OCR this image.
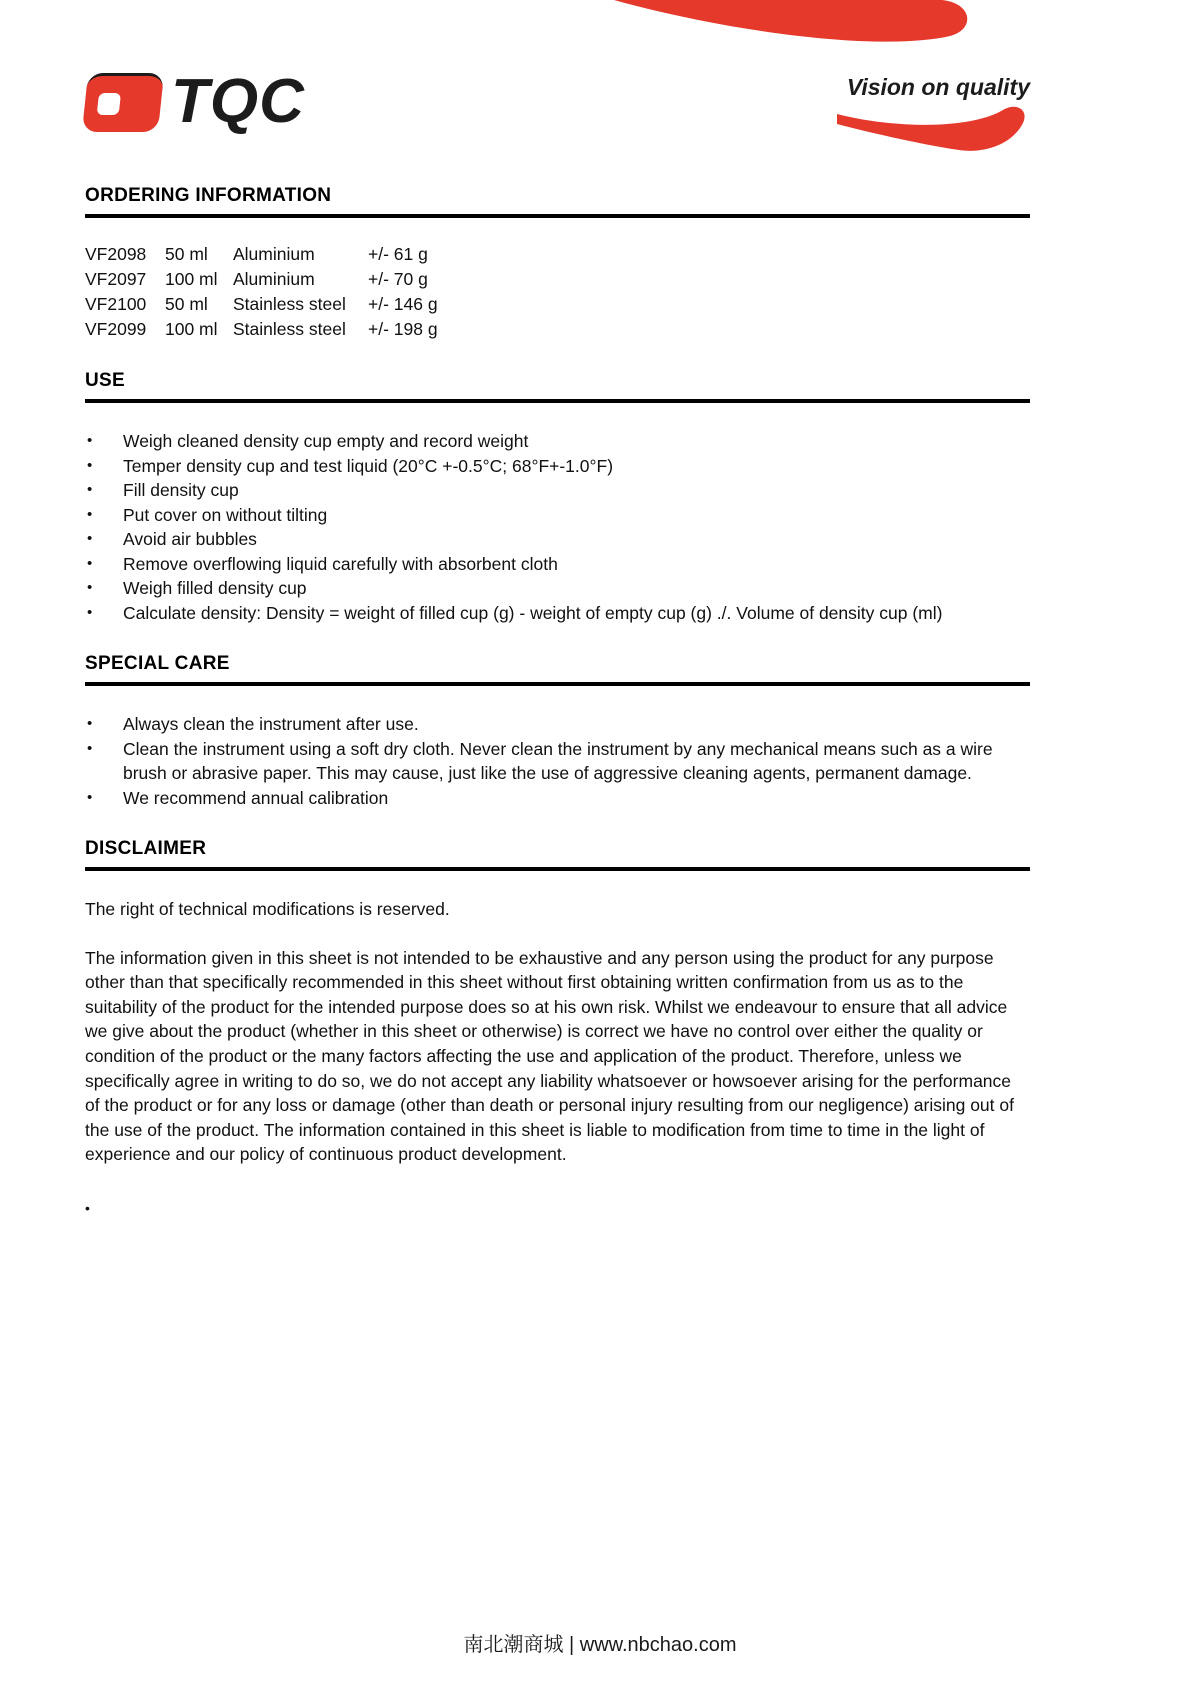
TQC	Vision on quality
ORDERING INFORMATION
VF2098	50 ml	Aluminium	+/- 61 g
VF2097	100 ml Aluminium	+/- 70 g
VF2100	50 ml	Stainless steel	+/- 146 g
VF2099	100 ml Stainless steel	+/- 198 g
USE
• Weigh cleaned density cup empty and record weight
• Temper density cup and test liquid (20°C +-0.5°C; 68°F+-1.0°F)
• Fill density cup
• Put cover on without tilting
• Avoid air bubbles
• Remove overflowing liquid carefully with absorbent cloth
• Weigh filled density cup
• Calculate density: Density = weight of filled cup (g) - weight of empty cup (g) ./. Volume of density cup (ml)
SPECIAL CARE
• Always clean the instrument after use.
• Clean the instrument using a soft dry cloth. Never clean the instrument by any mechanical means such as a wire brush or abrasive paper. This may cause, just like the use of aggressive cleaning agents, permanent damage.
• We recommend annual calibration
DISCLAIMER

The right of technical modifications is reserved.

The information given in this sheet is not intended to be exhaustive and any person using the product for any purpose other than that specifically recommended in this sheet without first obtaining written confirmation from us as to the suitability of the product for the intended purpose does so at his own risk. Whilst we endeavour to ensure that all advice we give about the product (whether in this sheet or otherwise) is correct we have no control over either the quality or condition of the product or the many factors affecting the use and application of the product. Therefore, unless we specifically agree in writing to do so, we do not accept any liability whatsoever or howsoever arising for the performance of the product or for any loss or damage (other than death or personal injury resulting from our negligence) arising out of the use of the product. The information contained in this sheet is liable to modification from time to time in the light of experience and our policy of continuous product development.

•
南北潮商城 | www.nbchao.com
